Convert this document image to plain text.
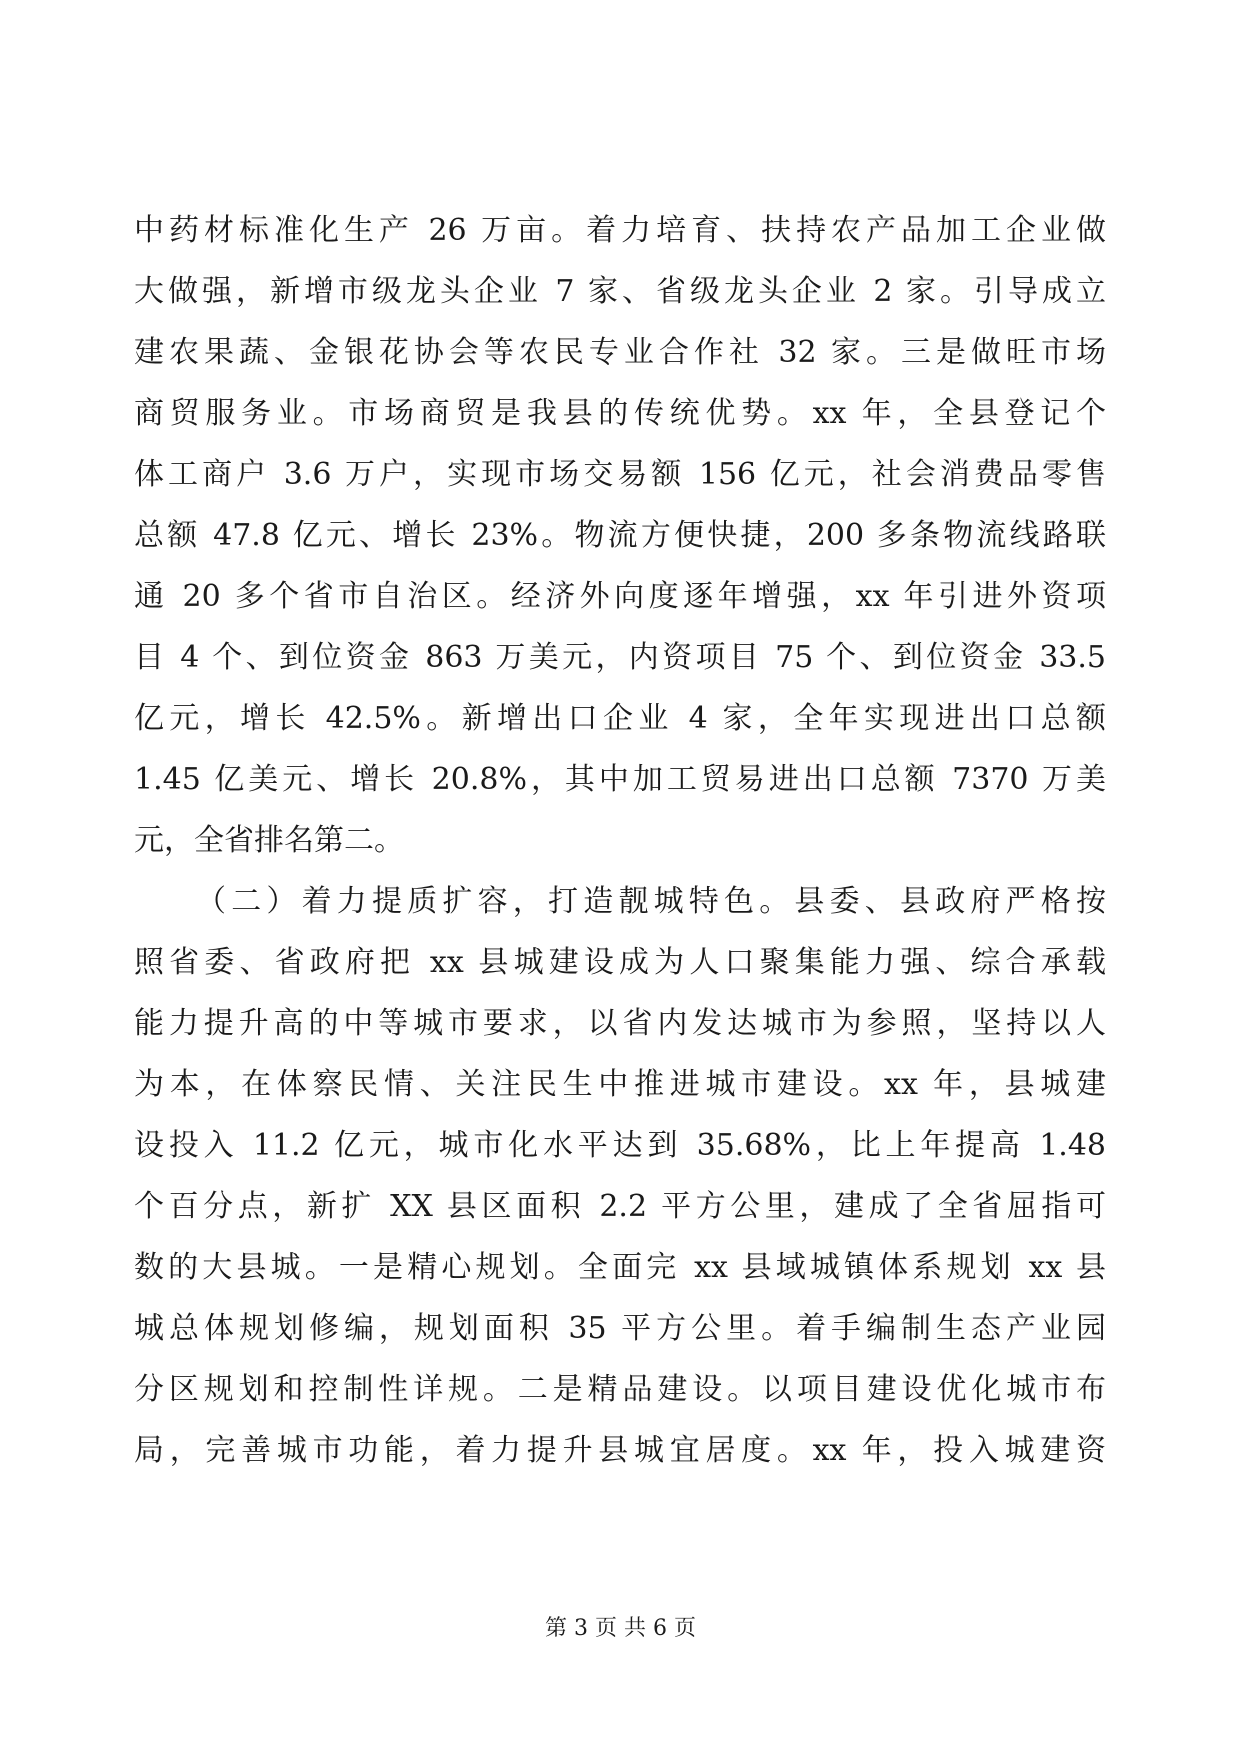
中药材标准化生产 26 万亩。着力培育、扶持农产品加工企业做
大做强，新增市级龙头企业 7 家、省级龙头企业 2 家。引导成立
建农果蔬、金银花协会等农民专业合作社 32 家。三是做旺市场
商贸服务业。市场商贸是我县的传统优势。xx 年，全县登记个
体工商户 3.6 万户，实现市场交易额 156 亿元，社会消费品零售
总额 47.8 亿元、增长 23%。物流方便快捷，200 多条物流线路联
通 20 多个省市自治区。经济外向度逐年增强，xx 年引进外资项
目 4 个、到位资金 863 万美元，内资项目 75 个、到位资金 33.5
亿元，增长 42.5%。新增出口企业 4 家，全年实现进出口总额
1.45 亿美元、增长 20.8%，其中加工贸易进出口总额 7370 万美
元，全省排名第二。
（二）着力提质扩容，打造靓城特色。县委、县政府严格按
照省委、省政府把 xx 县城建设成为人口聚集能力强、综合承载
能力提升高的中等城市要求，以省内发达城市为参照，坚持以人
为本，在体察民情、关注民生中推进城市建设。xx 年，县城建
设投入 11.2 亿元，城市化水平达到 35.68%，比上年提高 1.48
个百分点，新扩 XX 县区面积 2.2 平方公里，建成了全省屈指可
数的大县城。一是精心规划。全面完 xx 县域城镇体系规划 xx 县
城总体规划修编，规划面积 35 平方公里。着手编制生态产业园
分区规划和控制性详规。二是精品建设。以项目建设优化城市布
局，完善城市功能，着力提升县城宜居度。xx 年，投入城建资
第 3 页 共 6 页
